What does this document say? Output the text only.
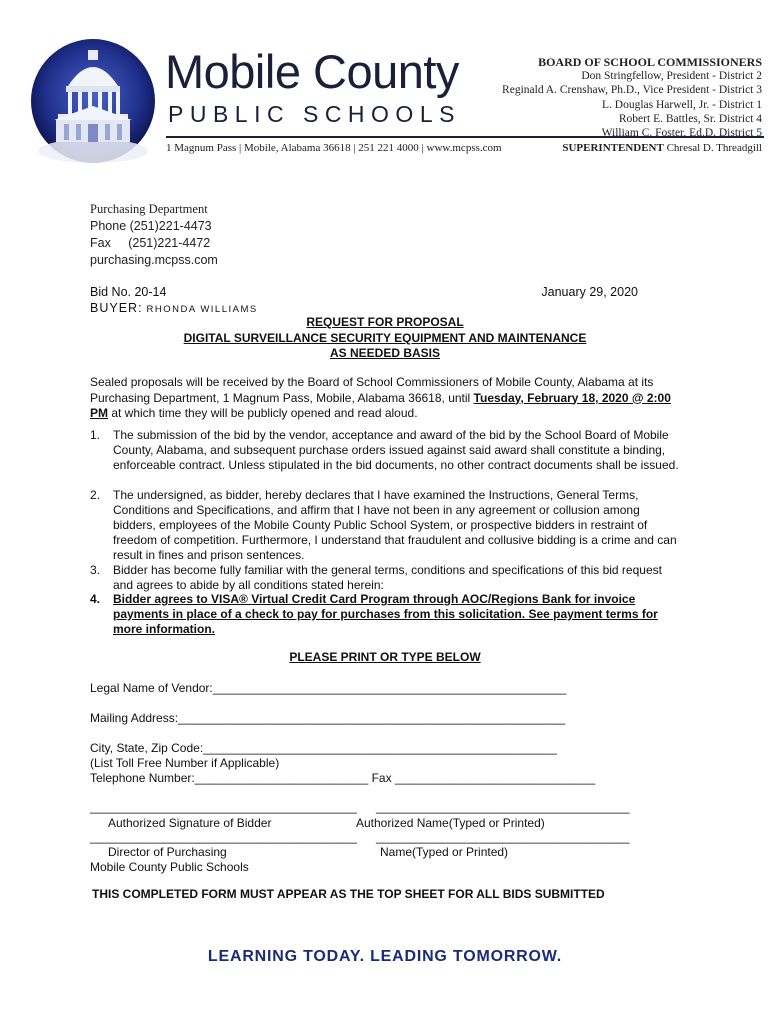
Mobile County
PUBLIC SCHOOLS
1 Magnum Pass | Mobile, Alabama 36618 | 251 221 4000 | www.mcpss.com
BOARD OF SCHOOL COMMISSIONERS
Don Stringfellow, President - District 2
Reginald A. Crenshaw, Ph.D., Vice President - District 3
L. Douglas Harwell, Jr. - District 1
Robert E. Battles, Sr. District 4
William C. Foster, Ed.D. District 5
SUPERINTENDENT Chresal D. Threadgill
Purchasing Department
Phone (251)221-4473
Fax     (251)221-4472
purchasing.mcpss.com
Bid No. 20-14	January 29, 2020
BUYER: RHONDA WILLIAMS
REQUEST FOR PROPOSAL
DIGITAL SURVEILLANCE SECURITY EQUIPMENT AND MAINTENANCE
AS NEEDED BASIS
Sealed proposals will be received by the Board of School Commissioners of Mobile County, Alabama at its Purchasing Department, 1 Magnum Pass, Mobile, Alabama 36618, until Tuesday, February 18, 2020 @ 2:00 PM at which time they will be publicly opened and read aloud.
1. The submission of the bid by the vendor, acceptance and award of the bid by the School Board of Mobile County, Alabama, and subsequent purchase orders issued against said award shall constitute a binding, enforceable contract. Unless stipulated in the bid documents, no other contract documents shall be issued.
2. The undersigned, as bidder, hereby declares that I have examined the Instructions, General Terms, Conditions and Specifications, and affirm that I have not been in any agreement or collusion among bidders, employees of the Mobile County Public School System, or prospective bidders in restraint of freedom of competition. Furthermore, I understand that fraudulent and collusive bidding is a crime and can result in fines and prison sentences.
3. Bidder has become fully familiar with the general terms, conditions and specifications of this bid request and agrees to abide by all conditions stated herein:
4. Bidder agrees to VISA® Virtual Credit Card Program through AOC/Regions Bank for invoice payments in place of a check to pay for purchases from this solicitation. See payment terms for more information.
PLEASE PRINT OR TYPE BELOW
Legal Name of Vendor:_____________________________________________________
Mailing Address:__________________________________________________________
City, State, Zip Code:_____________________________________________________
(List Toll Free Number if Applicable)
Telephone Number:__________________________ Fax ______________________________
________________________________________ ______________________________________
Authorized Signature of Bidder	Authorized Name(Typed or Printed)
________________________________________ ______________________________________
Director of Purchasing	Name(Typed or Printed)
Mobile County Public Schools
THIS COMPLETED FORM MUST APPEAR AS THE TOP SHEET FOR ALL BIDS SUBMITTED
LEARNING TODAY. LEADING TOMORROW.
